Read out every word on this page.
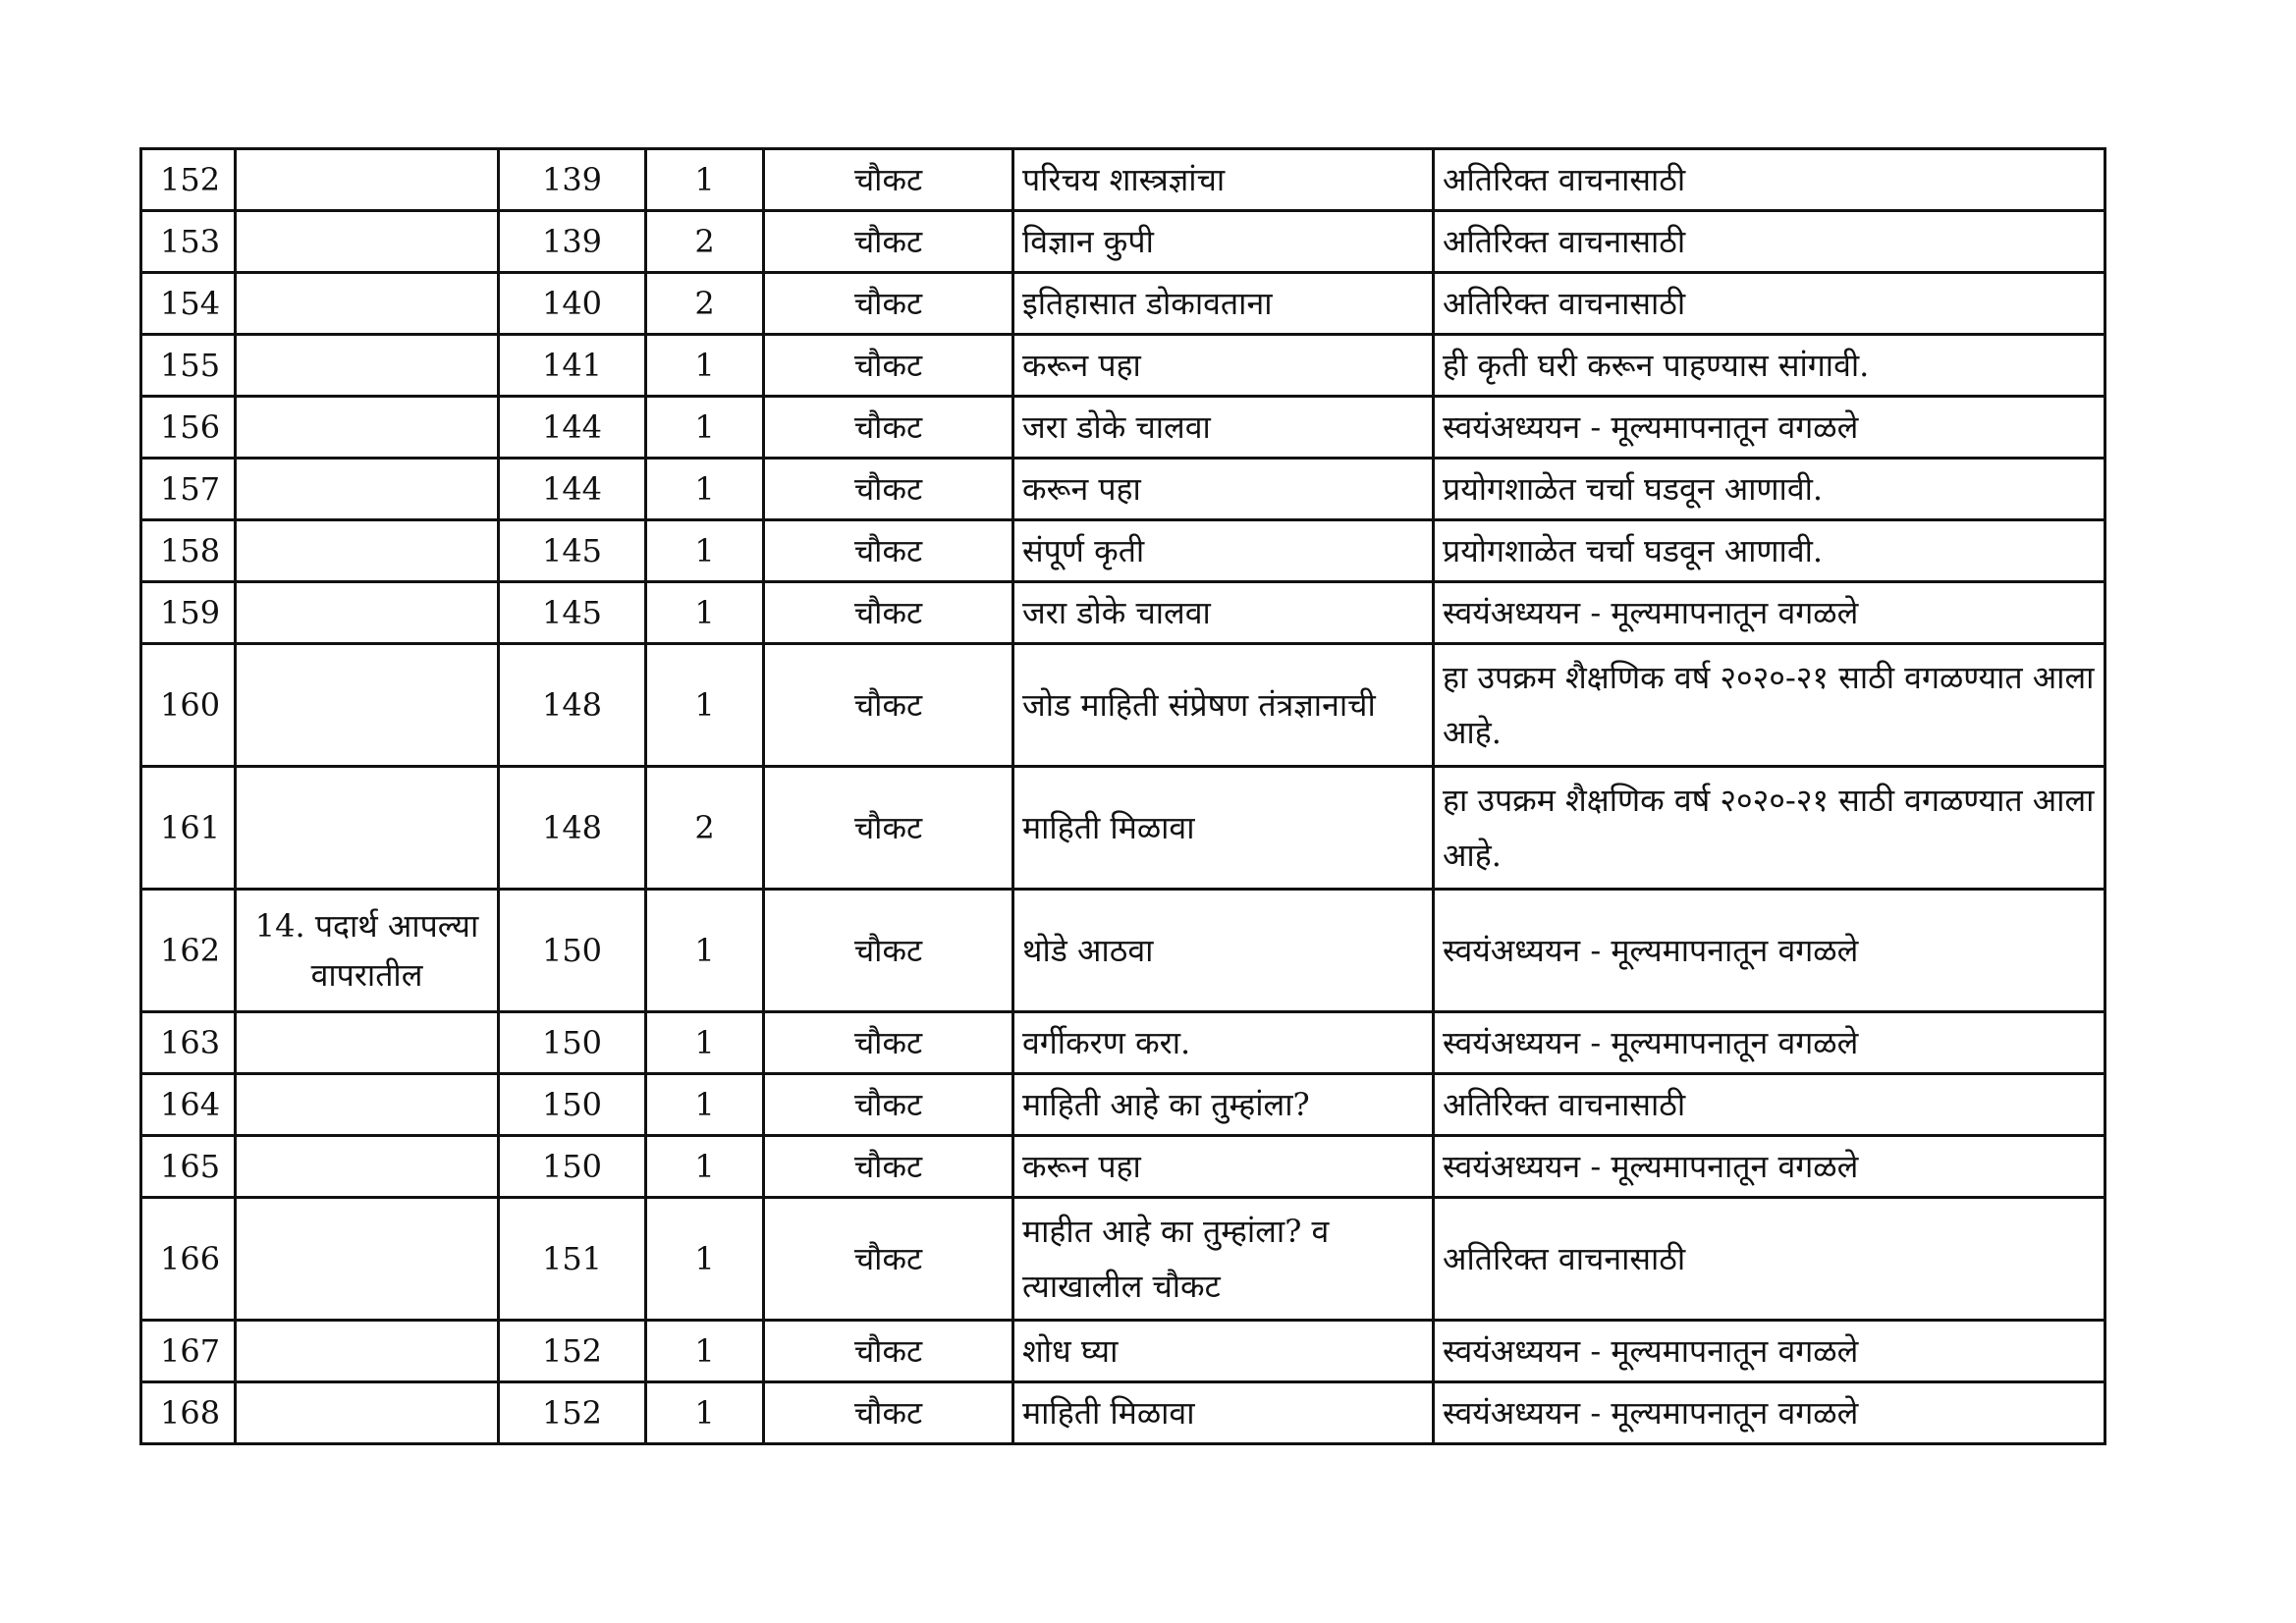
152		139	1	चौकट	परिचय शास्त्रज्ञांचा	अतिरिक्त वाचनासाठी
153		139	2	चौकट	विज्ञान कुपी	अतिरिक्त वाचनासाठी
154		140	2	चौकट	इतिहासात डोकावताना	अतिरिक्त वाचनासाठी
155		141	1	चौकट	करून पहा	ही कृती घरी करून पाहण्यास सांगावी.
156		144	1	चौकट	जरा डोके चालवा	स्वयंअध्ययन - मूल्यमापनातून वगळले
157		144	1	चौकट	करून पहा	प्रयोगशाळेत चर्चा घडवून आणावी.
158		145	1	चौकट	संपूर्ण कृती	प्रयोगशाळेत चर्चा घडवून आणावी.
159		145	1	चौकट	जरा डोके चालवा	स्वयंअध्ययन - मूल्यमापनातून वगळले
160		148	1	चौकट	जोड माहिती संप्रेषण तंत्रज्ञानाची	हा उपक्रम शैक्षणिक वर्ष २०२०-२१ साठी वगळण्यात आला आहे.
161		148	2	चौकट	माहिती मिळावा	हा उपक्रम शैक्षणिक वर्ष २०२०-२१ साठी वगळण्यात आला आहे.
162	14. पदार्थ आपल्या वापरातील	150	1	चौकट	थोडे आठवा	स्वयंअध्ययन - मूल्यमापनातून वगळले
163		150	1	चौकट	वर्गीकरण करा.	स्वयंअध्ययन - मूल्यमापनातून वगळले
164		150	1	चौकट	माहिती आहे का तुम्हांला?	अतिरिक्त वाचनासाठी
165		150	1	चौकट	करून पहा	स्वयंअध्ययन - मूल्यमापनातून वगळले
166		151	1	चौकट	माहीत आहे का तुम्हांला? व त्याखालील चौकट	अतिरिक्त वाचनासाठी
167		152	1	चौकट	शोध घ्या	स्वयंअध्ययन - मूल्यमापनातून वगळले
168		152	1	चौकट	माहिती मिळावा	स्वयंअध्ययन - मूल्यमापनातून वगळले
